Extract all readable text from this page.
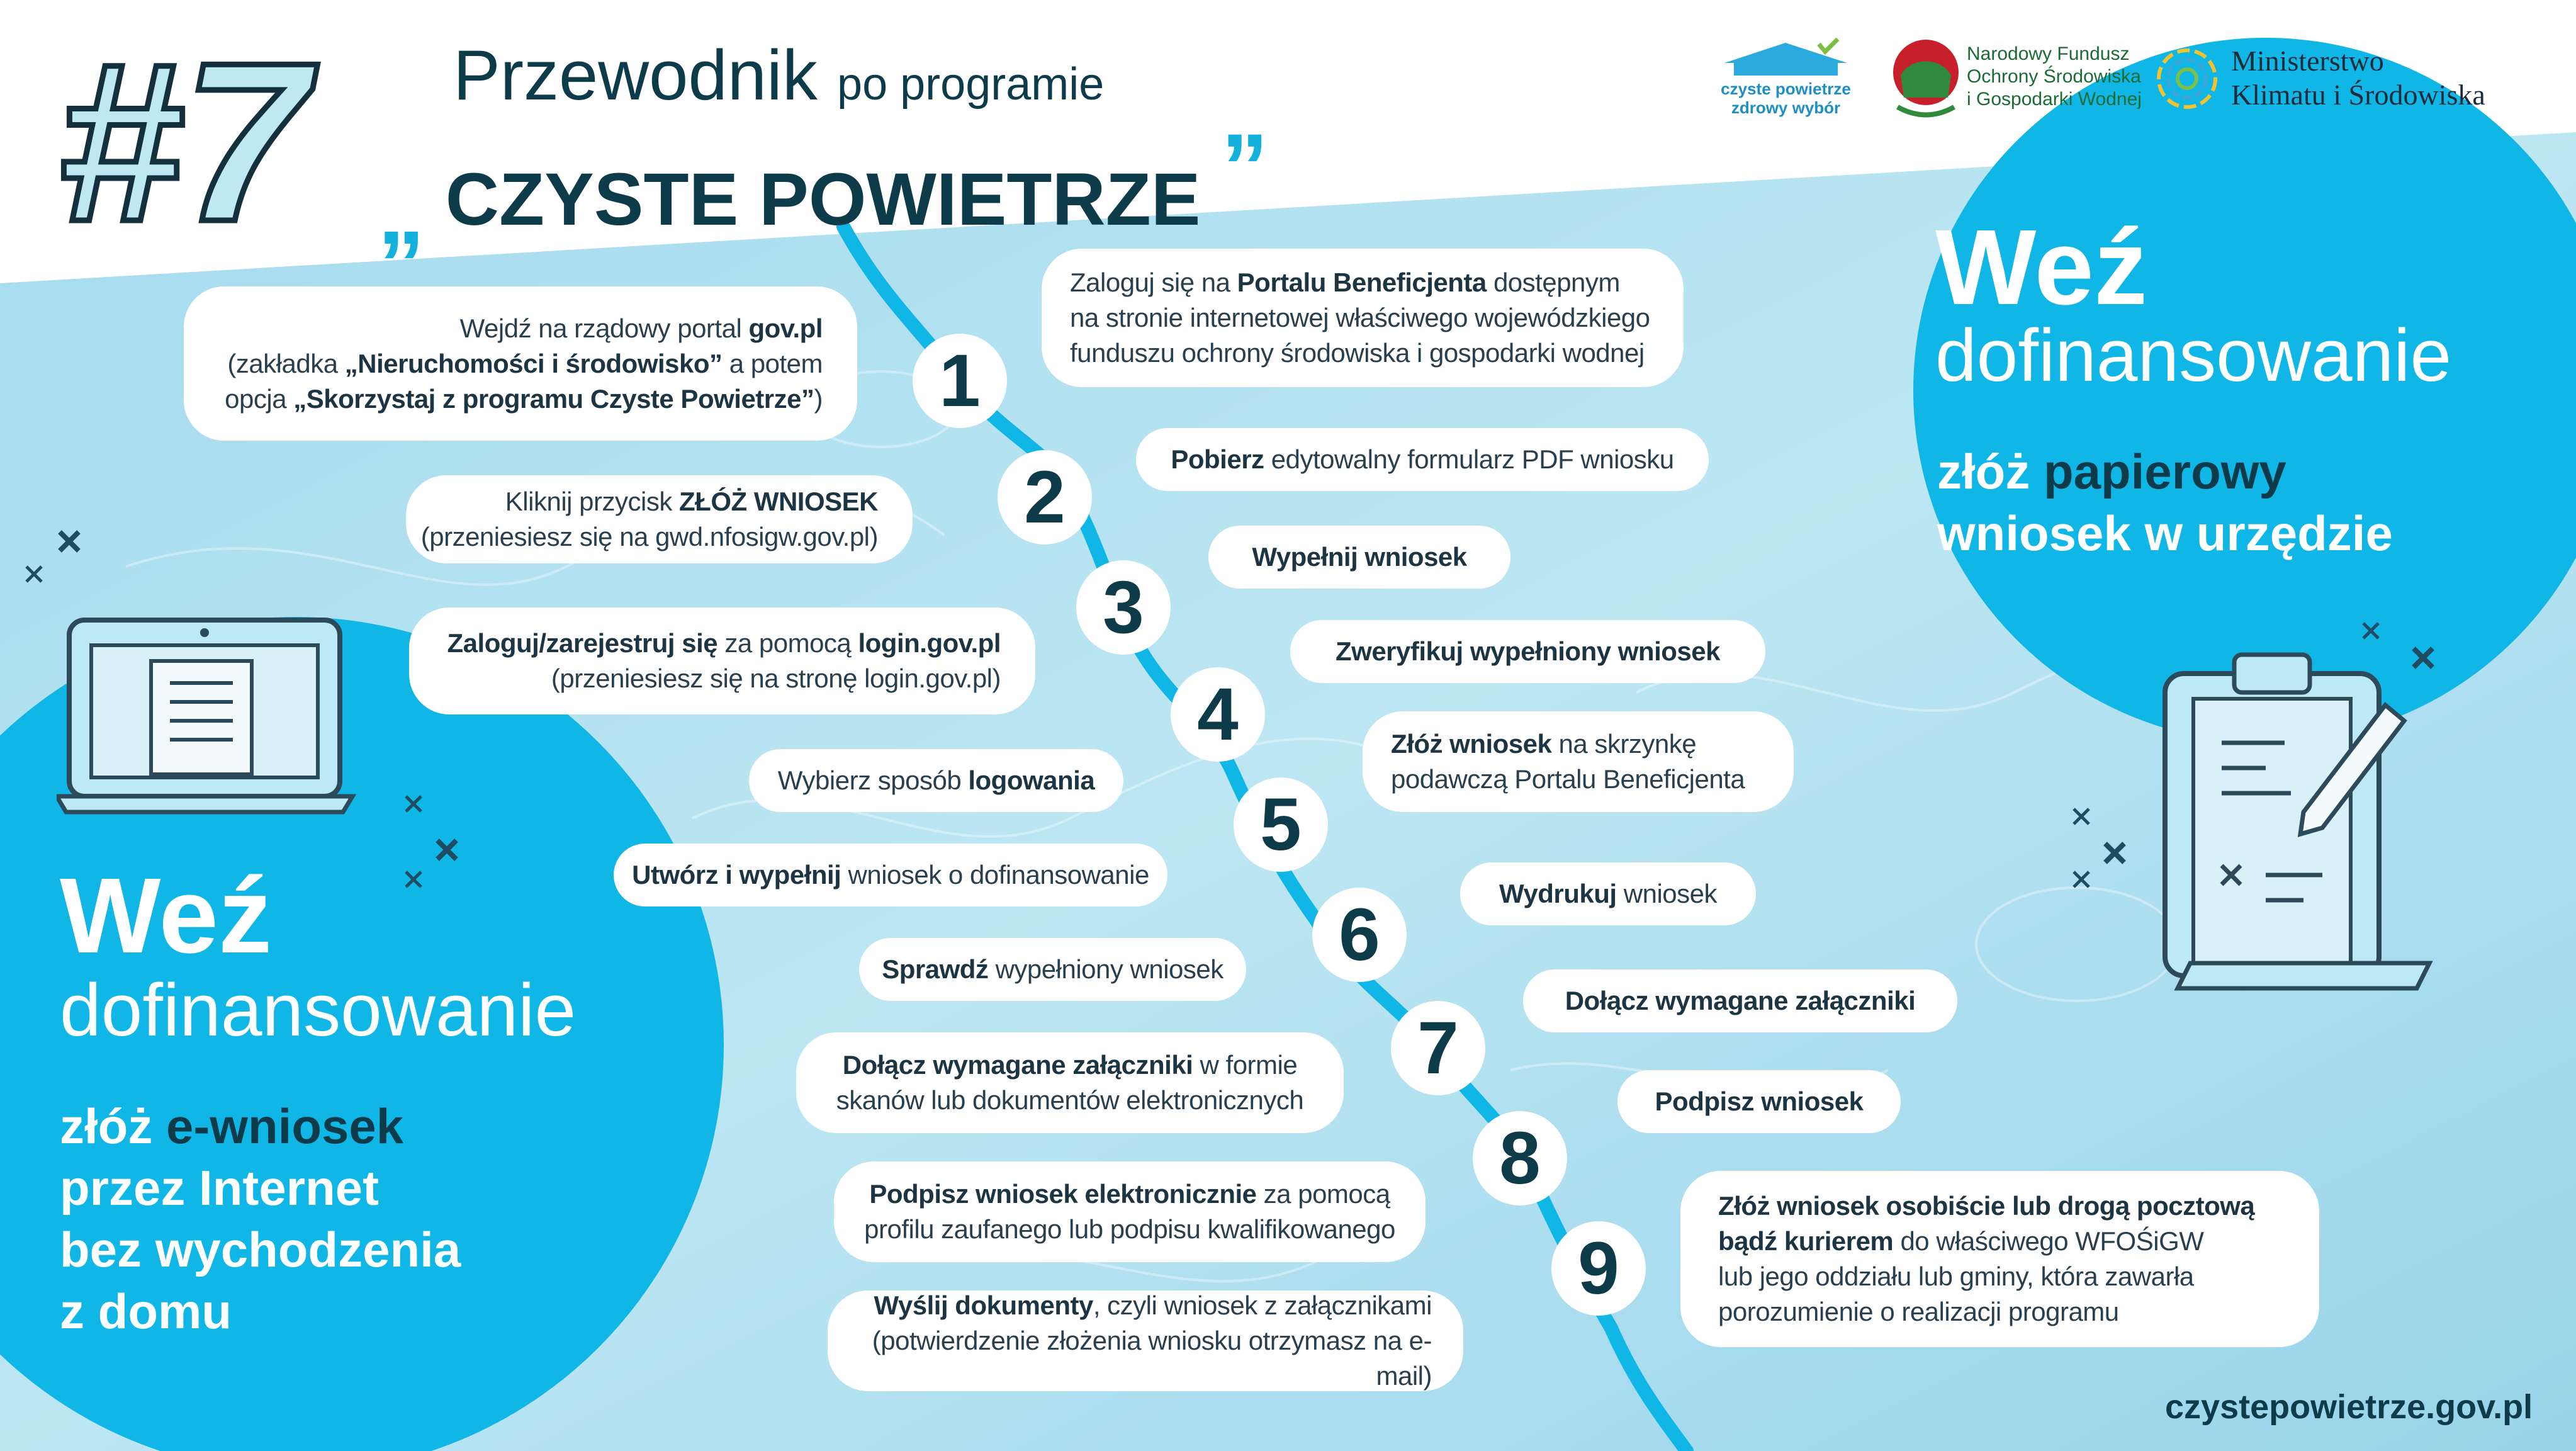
#7 Przewodnik po programie
„ CZYSTE POWIETRZE ”
czyste powietrze
zdrowy wybór
Narodowy Fundusz
Ochrony Środowiska
i Gospodarki Wodnej
Ministerstwo
Klimatu i Środowiska
Weź
dofinansowanie
złóż papierowy
wniosek w urzędzie
Weź
dofinansowanie
złóż e-wniosek
przez Internet
bez wychodzenia
z domu
1
2
3
4
5
6
7
8
9
Wejdź na rządowy portal gov.pl
(zakładka „Nieruchomości i środowisko” a potem
opcja „Skorzystaj z programu Czyste Powietrze”)
Kliknij przycisk ZŁÓŻ WNIOSEK
(przeniesiesz się na gwd.nfosigw.gov.pl)
Zaloguj/zarejestruj się za pomocą login.gov.pl
(przeniesiesz się na stronę login.gov.pl)
Wybierz sposób logowania
Utwórz i wypełnij wniosek o dofinansowanie
Sprawdź wypełniony wniosek
Dołącz wymagane załączniki w formie
skanów lub dokumentów elektronicznych
Podpisz wniosek elektronicznie za pomocą
profilu zaufanego lub podpisu kwalifikowanego
Wyślij dokumenty, czyli wniosek z załącznikami
(potwierdzenie złożenia wniosku otrzymasz na e-mail)
Zaloguj się na Portalu Beneficjenta dostępnym
na stronie internetowej właściwego wojewódzkiego
funduszu ochrony środowiska i gospodarki wodnej
Pobierz edytowalny formularz PDF wniosku
Wypełnij wniosek
Zweryfikuj wypełniony wniosek
Złóż wniosek na skrzynkę
podawczą Portalu Beneficjenta
Wydrukuj wniosek
Dołącz wymagane załączniki
Podpisz wniosek
Złóż wniosek osobiście lub drogą pocztową
bądź kurierem do właściwego WFOŚiGW
lub jego oddziału lub gminy, która zawarła
porozumienie o realizacji programu
czystepowietrze.gov.pl
